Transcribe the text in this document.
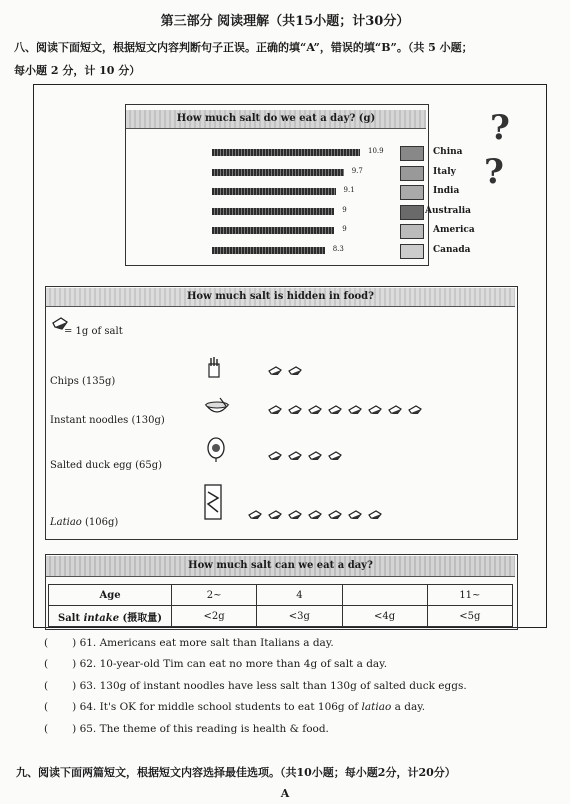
第三部分 阅读理解（共15小题；计30分）
八、阅读下面短文，根据短文内容判断句子正误。正确的填“A”，错误的填“B”。（共 5 小题；
每小题 2 分，计 10 分）
?
?
How much salt do we eat a day? (g)
How much salt is hidden in food?
= 1g of salt
How much salt can we eat a day?
Age	2~	4		11~
Salt intake (摄取量)	<2g	<3g	<4g	<5g
( ) 61. Americans eat more salt than Italians a day.
( ) 62. 10-year-old Tim can eat no more than 4g of salt a day.
( ) 63. 130g of instant noodles have less salt than 130g of salted duck eggs.
( ) 64. It's OK for middle school students to eat 106g of latiao a day.
( ) 65. The theme of this reading is health & food.
九、阅读下面两篇短文，根据短文内容选择最佳选项。（共10小题；每小题2分，计20分）
A
10.9	China
9.7	Italy
9.1	India
9	Australia
9	America
8.3	Canada
Chips (135g)
Instant noodles (130g)
Salted duck egg (65g)
Latiao (106g)
